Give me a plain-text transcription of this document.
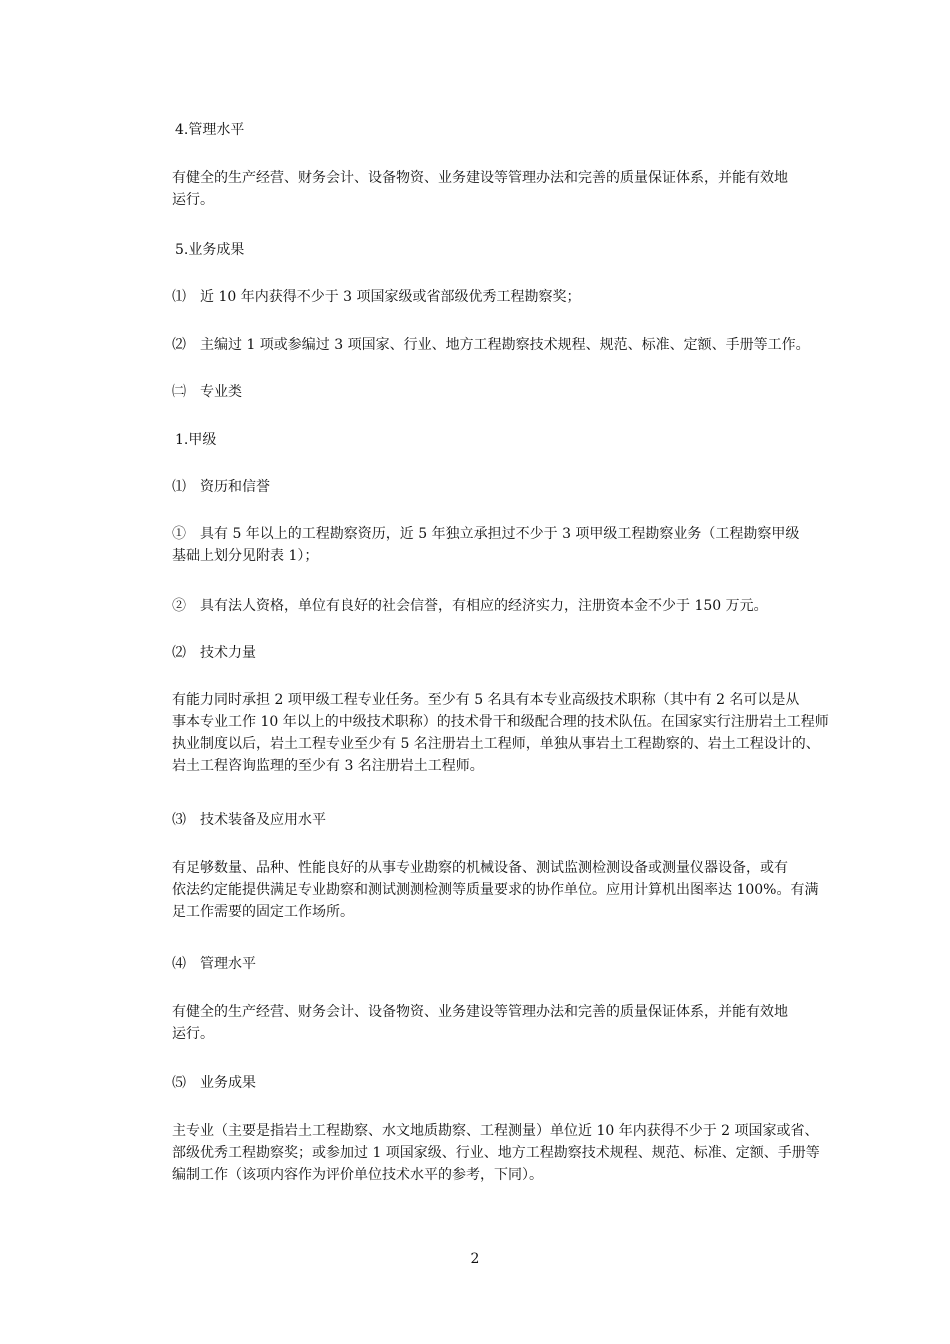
4.管理水平

有健全的生产经营、财务会计、设备物资、业务建设等管理办法和完善的质量保证体系，并能有效地
运行。

5.业务成果

⑴　近 10 年内获得不少于 3 项国家级或省部级优秀工程勘察奖；

⑵　主编过 1 项或参编过 3 项国家、行业、地方工程勘察技术规程、规范、标准、定额、手册等工作。

㈡　专业类

1.甲级

⑴　资历和信誉

①　具有 5 年以上的工程勘察资历，近 5 年独立承担过不少于 3 项甲级工程勘察业务（工程勘察甲级
基础上划分见附表 1）；

②　具有法人资格，单位有良好的社会信誉，有相应的经济实力，注册资本金不少于 150 万元。

⑵　技术力量

有能力同时承担 2 项甲级工程专业任务。至少有 5 名具有本专业高级技术职称（其中有 2 名可以是从
事本专业工作 10 年以上的中级技术职称）的技术骨干和级配合理的技术队伍。在国家实行注册岩土工程师
执业制度以后，岩土工程专业至少有 5 名注册岩土工程师，单独从事岩土工程勘察的、岩土工程设计的、
岩土工程咨询监理的至少有 3 名注册岩土工程师。

⑶　技术装备及应用水平

有足够数量、品种、性能良好的从事专业勘察的机械设备、测试监测检测设备或测量仪器设备，或有
依法约定能提供满足专业勘察和测试测测检测等质量要求的协作单位。应用计算机出图率达 100%。有满
足工作需要的固定工作场所。

⑷　管理水平

有健全的生产经营、财务会计、设备物资、业务建设等管理办法和完善的质量保证体系，并能有效地
运行。

⑸　业务成果

主专业（主要是指岩土工程勘察、水文地质勘察、工程测量）单位近 10 年内获得不少于 2 项国家或省、
部级优秀工程勘察奖；或参加过 1 项国家级、行业、地方工程勘察技术规程、规范、标准、定额、手册等
编制工作（该项内容作为评价单位技术水平的参考，下同）。

2
